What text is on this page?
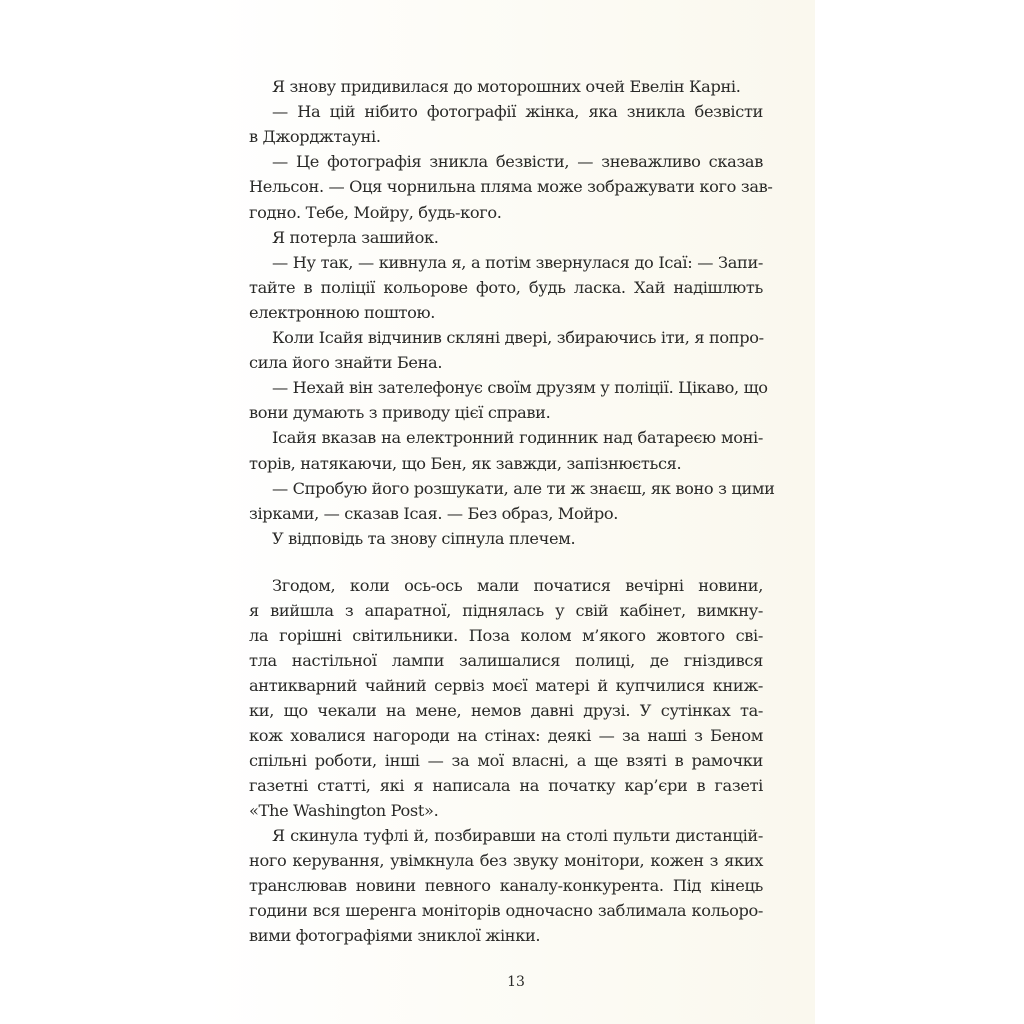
Я знову придивилася до моторошних очей Евелін Карні.
— На цій нібито фотографії жінка, яка зникла безвісти
в Джорджтауні.
— Це фотографія зникла безвісти, — зневажливо сказав
Нельсон. — Оця чорнильна пляма може зображувати кого зав-
годно. Тебе, Мойру, будь-кого.
Я потерла зашийок.
— Ну так, — кивнула я, а потім звернулася до Ісаї: — Запи-
тайте в поліції кольорове фото, будь ласка. Хай надішлють
електронною поштою.
Коли Ісайя відчинив скляні двері, збираючись іти, я попро-
сила його знайти Бена.
— Нехай він зателефонує своїм друзям у поліції. Цікаво, що
вони думають з приводу цієї справи.
Ісайя вказав на електронний годинник над батареєю моні-
торів, натякаючи, що Бен, як завжди, запізнюється.
— Спробую його розшукати, але ти ж знаєш, як воно з цими
зірками, — сказав Ісая. — Без образ, Мойро.
У відповідь та знову сіпнула плечем.
Згодом, коли ось-ось мали початися вечірні новини,
я вийшла з апаратної, піднялась у свій кабінет, вимкну-
ла горішні світильники. Поза колом м’якого жовтого сві-
тла настільної лампи залишалися полиці, де гніздився
антикварний чайний сервіз моєї матері й купчилися книж-
ки, що чекали на мене, немов давні друзі. У сутінках та-
кож ховалися нагороди на стінах: деякі — за наші з Беном
спільні роботи, інші — за мої власні, а ще взяті в рамочки
газетні статті, які я написала на початку кар’єри в газеті
«The Washington Post».
Я скинула туфлі й, позбиравши на столі пульти дистанцій-
ного керування, увімкнула без звуку монітори, кожен з яких
транслював новини певного каналу-конкурента. Під кінець
години вся шеренга моніторів одночасно заблимала кольоро-
вими фотографіями зниклої жінки.
13
